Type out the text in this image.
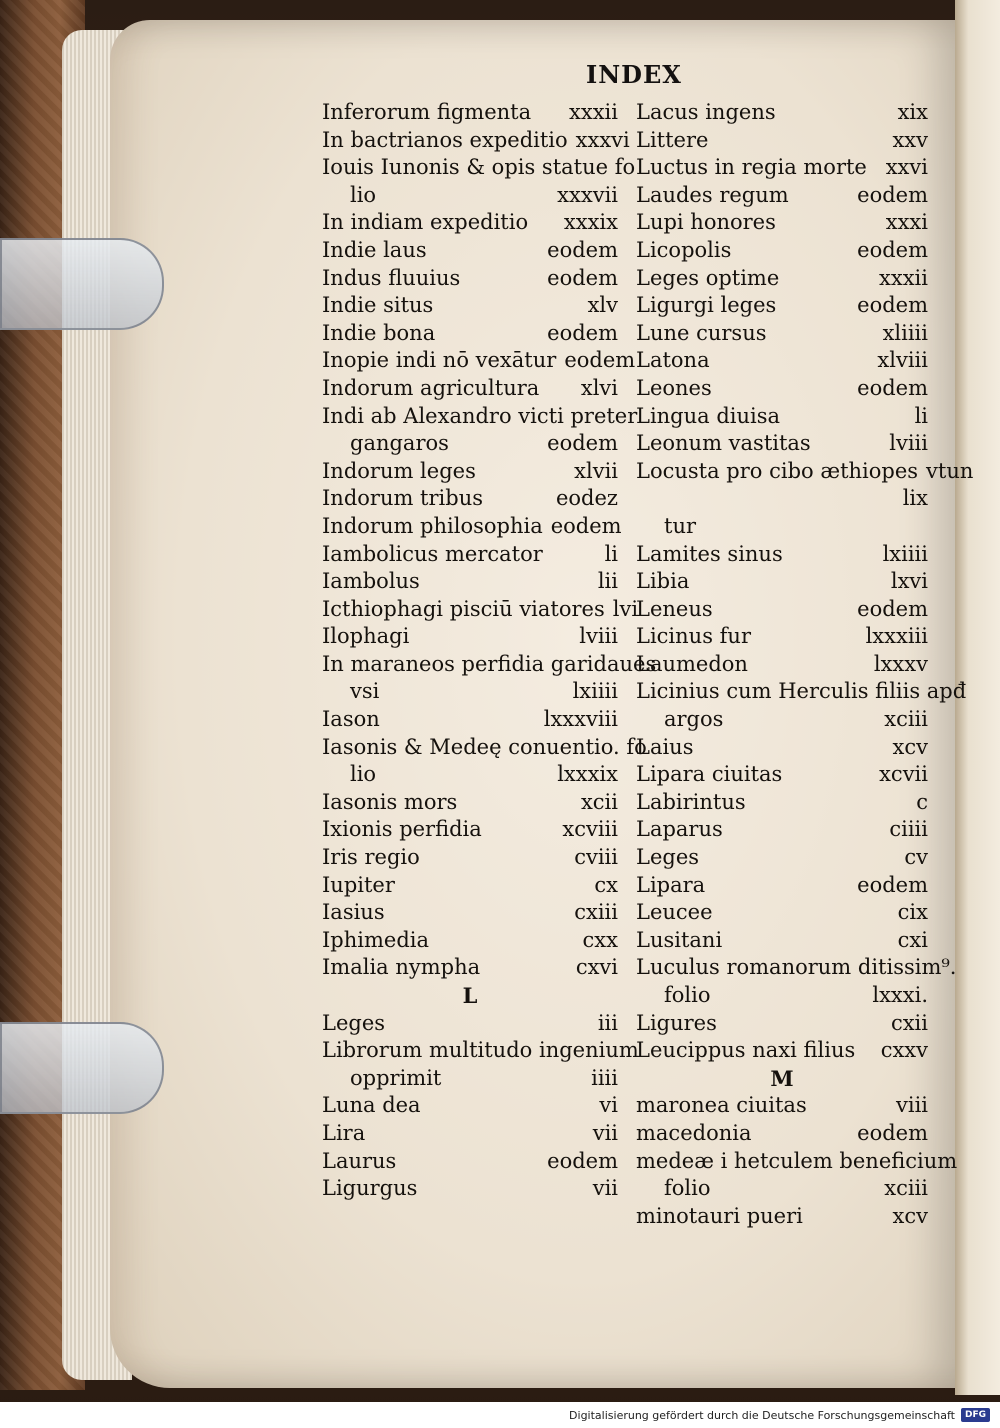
INDEX
Inferorum figmenta	xxxii
In bactrianos expeditio xxxvi
Iouis Iunonis & opis statue fo
lio	xxxvii
In indiam expeditio	xxxix
Indie laus	eodem
Indus fluuius	eodem
Indie situs	xlv
Indie bona	eodem
Inopie indi nō vexātur eodem
Indorum agricultura	xlvi
Indi ab Alexandro victi preter
gangaros	eodem
Indorum leges	xlvii
Indorum tribus	eodez
Indorum philosophia eodem
Iambolicus mercator	li
Iambolus	lii
Icthiophagi pisciū viatores lvi
Ilophagi	lviii
In maraneos perfidia garidaues
vsi	lxiiii
Iason	lxxxviii
Iasonis & Medeę conuentio. fo
lio	lxxxix
Iasonis mors	xcii
Ixionis perfidia	xcviii
Iris regio	cviii
Iupiter	cx
Iasius	cxiii
Iphimedia	cxx
Imalia nympha	cxvi
L
Leges	iii
Librorum multitudo ingenium
opprimit	iiii
Luna dea	vi
Lira	vii
Laurus	eodem
Ligurgus	vii
Lacus ingens	xix
Littere	xxv
Luctus in regia morte xxvi
Laudes regum	eodem
Lupi honores	xxxi
Licopolis	eodem
Leges optime	xxxii
Ligurgi leges	eodem
Lune cursus	xliiii
Latona	xlviii
Leones	eodem
Lingua diuisa	li
Leonum vastitas	lviii
Locusta pro cibo æthiopes vtun
lix
tur
Lamites sinus	lxiiii
Libia	lxvi
Leneus	eodem
Licinus fur	lxxxiii
Laumedon	lxxxv
Licinius cum Herculis filiis apđ
argos	xciii
Laius	xcv
Lipara ciuitas	xcvii
Labirintus	c
Laparus	ciiii
Leges	cv
Lipara	eodem
Leucee	cix
Lusitani	cxi
Luculus romanorum ditissim⁹.
folio	lxxxi.
Ligures	cxii
Leucippus naxi filius	cxxv
M
maronea ciuitas	viii
macedonia	eodem
medeæ i hetculem beneficium
folio	xciii
minotauri pueri	xcv
Digitalisierung gefördert durch die Deutsche Forschungsgemeinschaft	DFG
